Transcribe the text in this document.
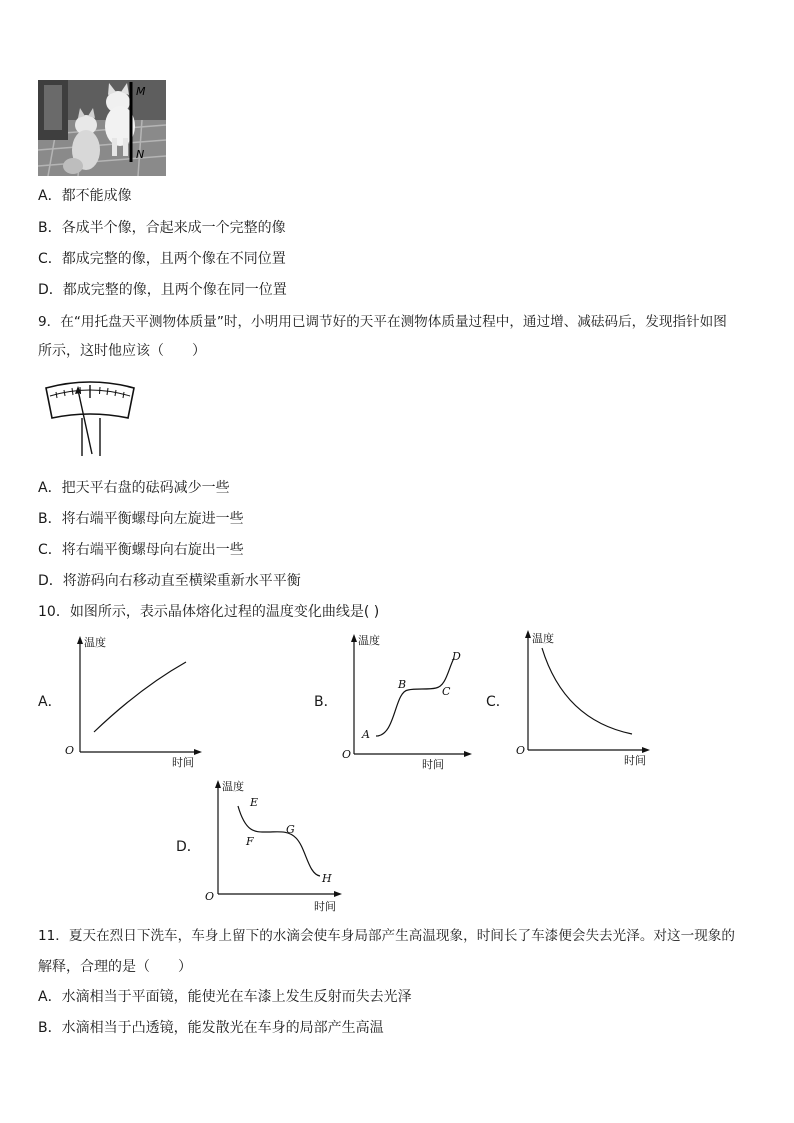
M
N
A．都不能成像
B．各成半个像，合起来成一个完整的像
C．都成完整的像，且两个像在不同位置
D．都成完整的像，且两个像在同一位置
9．在“用托盘天平测物体质量”时，小明用已调节好的天平在测物体质量过程中，通过增、减砝码后，发现指针如图
所示，这时他应该（　　）
A．把天平右盘的砝码减少一些
B．将右端平衡螺母向左旋进一些
C．将右端平衡螺母向右旋出一些
D．将游码向右移动直至横梁重新水平平衡
10．如图所示，表示晶体熔化过程的温度变化曲线是( )
A．
温度
时间
O
B．
温度
时间
O
A
B
C
D
C．
温度
时间
O
D．
温度
时间
O
E
F
G
H
11．夏天在烈日下洗车，车身上留下的水滴会使车身局部产生高温现象，时间长了车漆便会失去光泽。对这一现象的
解释，合理的是（　　）
A．水滴相当于平面镜，能使光在车漆上发生反射而失去光泽
B．水滴相当于凸透镜，能发散光在车身的局部产生高温
